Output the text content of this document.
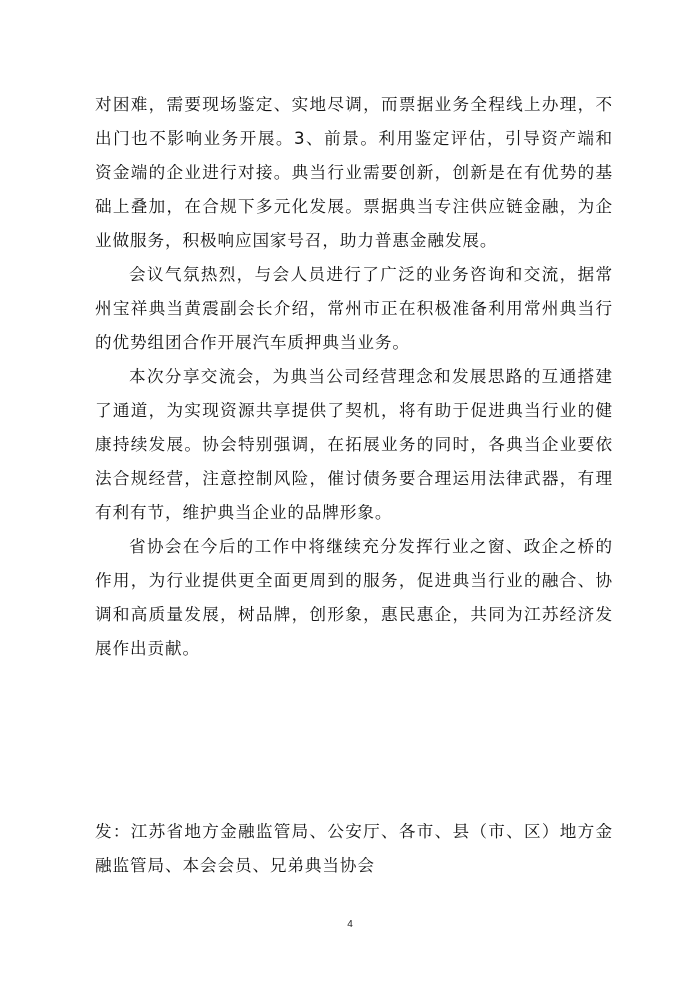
对困难，需要现场鉴定、实地尽调，而票据业务全程线上办理，不出门也不影响业务开展。3、前景。利用鉴定评估，引导资产端和资金端的企业进行对接。典当行业需要创新，创新是在有优势的基础上叠加，在合规下多元化发展。票据典当专注供应链金融，为企业做服务，积极响应国家号召，助力普惠金融发展。

会议气氛热烈，与会人员进行了广泛的业务咨询和交流，据常州宝祥典当黄震副会长介绍，常州市正在积极准备利用常州典当行的优势组团合作开展汽车质押典当业务。

本次分享交流会，为典当公司经营理念和发展思路的互通搭建了通道，为实现资源共享提供了契机，将有助于促进典当行业的健康持续发展。协会特别强调，在拓展业务的同时，各典当企业要依法合规经营，注意控制风险，催讨债务要合理运用法律武器，有理有利有节，维护典当企业的品牌形象。

省协会在今后的工作中将继续充分发挥行业之窗、政企之桥的作用，为行业提供更全面更周到的服务，促进典当行业的融合、协调和高质量发展，树品牌，创形象，惠民惠企，共同为江苏经济发展作出贡献。

发：江苏省地方金融监管局、公安厅、各市、县（市、区）地方金融监管局、本会会员、兄弟典当协会

4
